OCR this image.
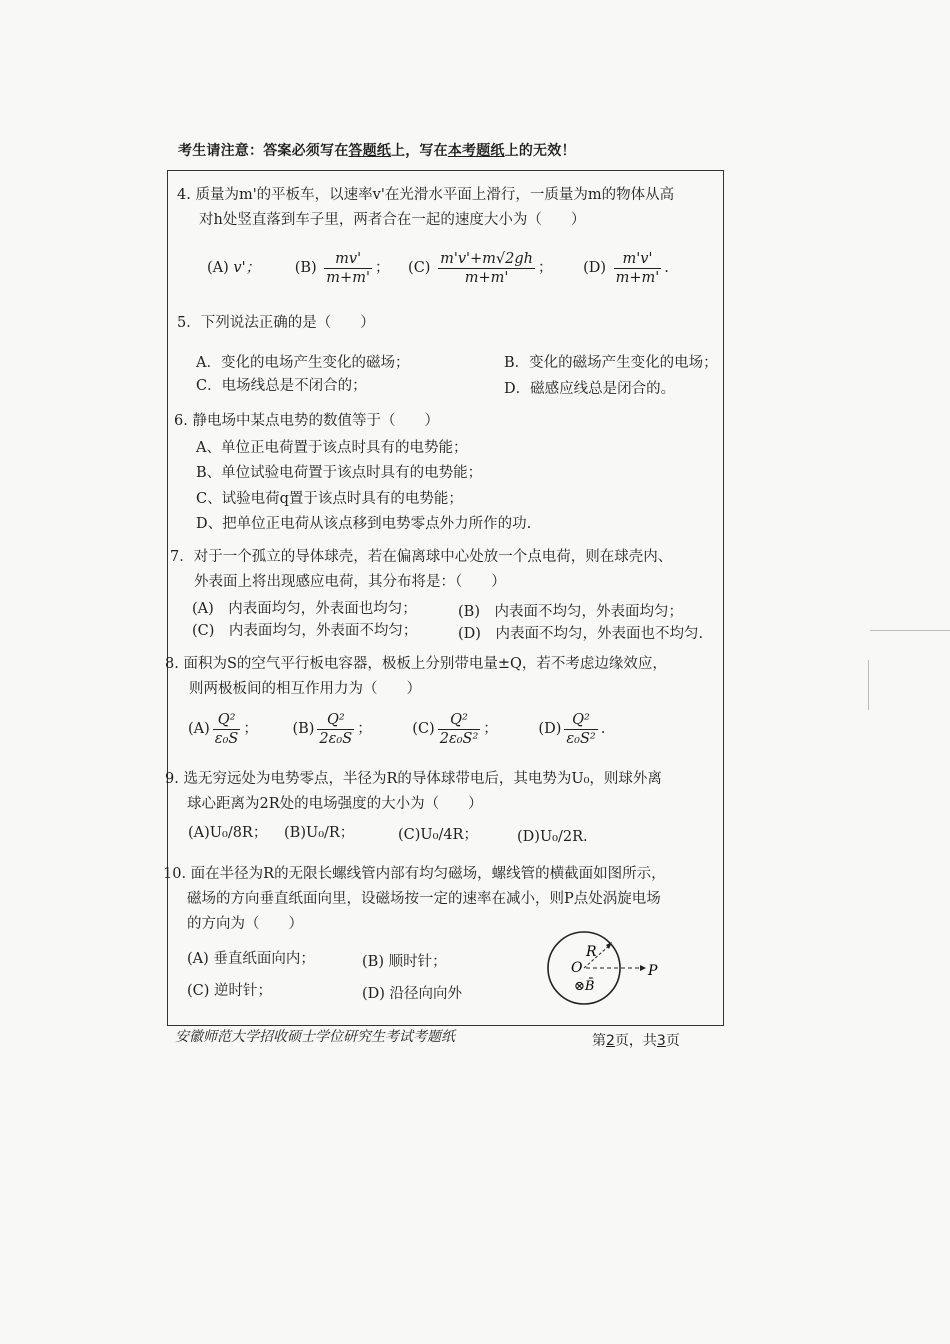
考生请注意：答案必须写在答题纸上，写在本考题纸上的无效！
4. 质量为m'的平板车，以速率v'在光滑水平面上滑行，一质量为m的物体从高
对h处竖直落到车子里，两者合在一起的速度大小为（　　）
(A) v'； $(B) \frac{mv'}{m+m'}$ ； $(C) \frac{m'v'+m√2gh}{m+m'}$ ； $(D) \frac{m'v'}{m+m'}$ .
5．下列说法正确的是（　　）
A．变化的电场产生变化的磁场；	B．变化的磁场产生变化的电场；
C．电场线总是不闭合的；	D．磁感应线总是闭合的。
6. 静电场中某点电势的数值等于（　　）
A、单位正电荷置于该点时具有的电势能；
B、单位试验电荷置于该点时具有的电势能；
C、试验电荷q置于该点时具有的电势能；
D、把单位正电荷从该点移到电势零点外力所作的功.
7．对于一个孤立的导体球壳，若在偏离球中心处放一个点电荷，则在球壳内、
外表面上将出现感应电荷，其分布将是：（　　）
(A)　内表面均匀，外表面也均匀；	(B)　内表面不均匀，外表面均匀；
(C)　内表面均匀，外表面不均匀；	(D)　内表面不均匀，外表面也不均匀.
8. 面积为S的空气平行板电容器，极板上分别带电量±Q，若不考虑边缘效应，
则两极板间的相互作用力为（　　）
$(A) \frac{\text{Q²}}{\text{ε₀S}}$ ； $(B) \frac{\text{Q²}}{\text{2ε₀S}}$ ；	$(C) \frac{\text{Q²}}{\text{2ε₀S²}}$ ；	$(D) \frac{\text{Q²}}{\text{ε₀S²}}$ .
9. 选无穷远处为电势零点，半径为R的导体球带电后，其电势为U₀，则球外离
球心距离为2R处的电场强度的大小为（　　）
(A)U₀/8R； (B)U₀/R；	(C)U₀/4R；	(D)U₀/2R.
10. 面在半径为R的无限长螺线管内部有均匀磁场，螺线管的横截面如图所示，
磁场的方向垂直纸面向里，设磁场按一定的速率在减小，则P点处涡旋电场
的方向为（　　）
(A) 垂直纸面向内；	(B) 顺时针；
(C) 逆时针；	(D) 沿径向向外
R
O
⊗B̄
P
安徽师范大学招收硕士学位研究生考试考题纸	第2页，共3页
